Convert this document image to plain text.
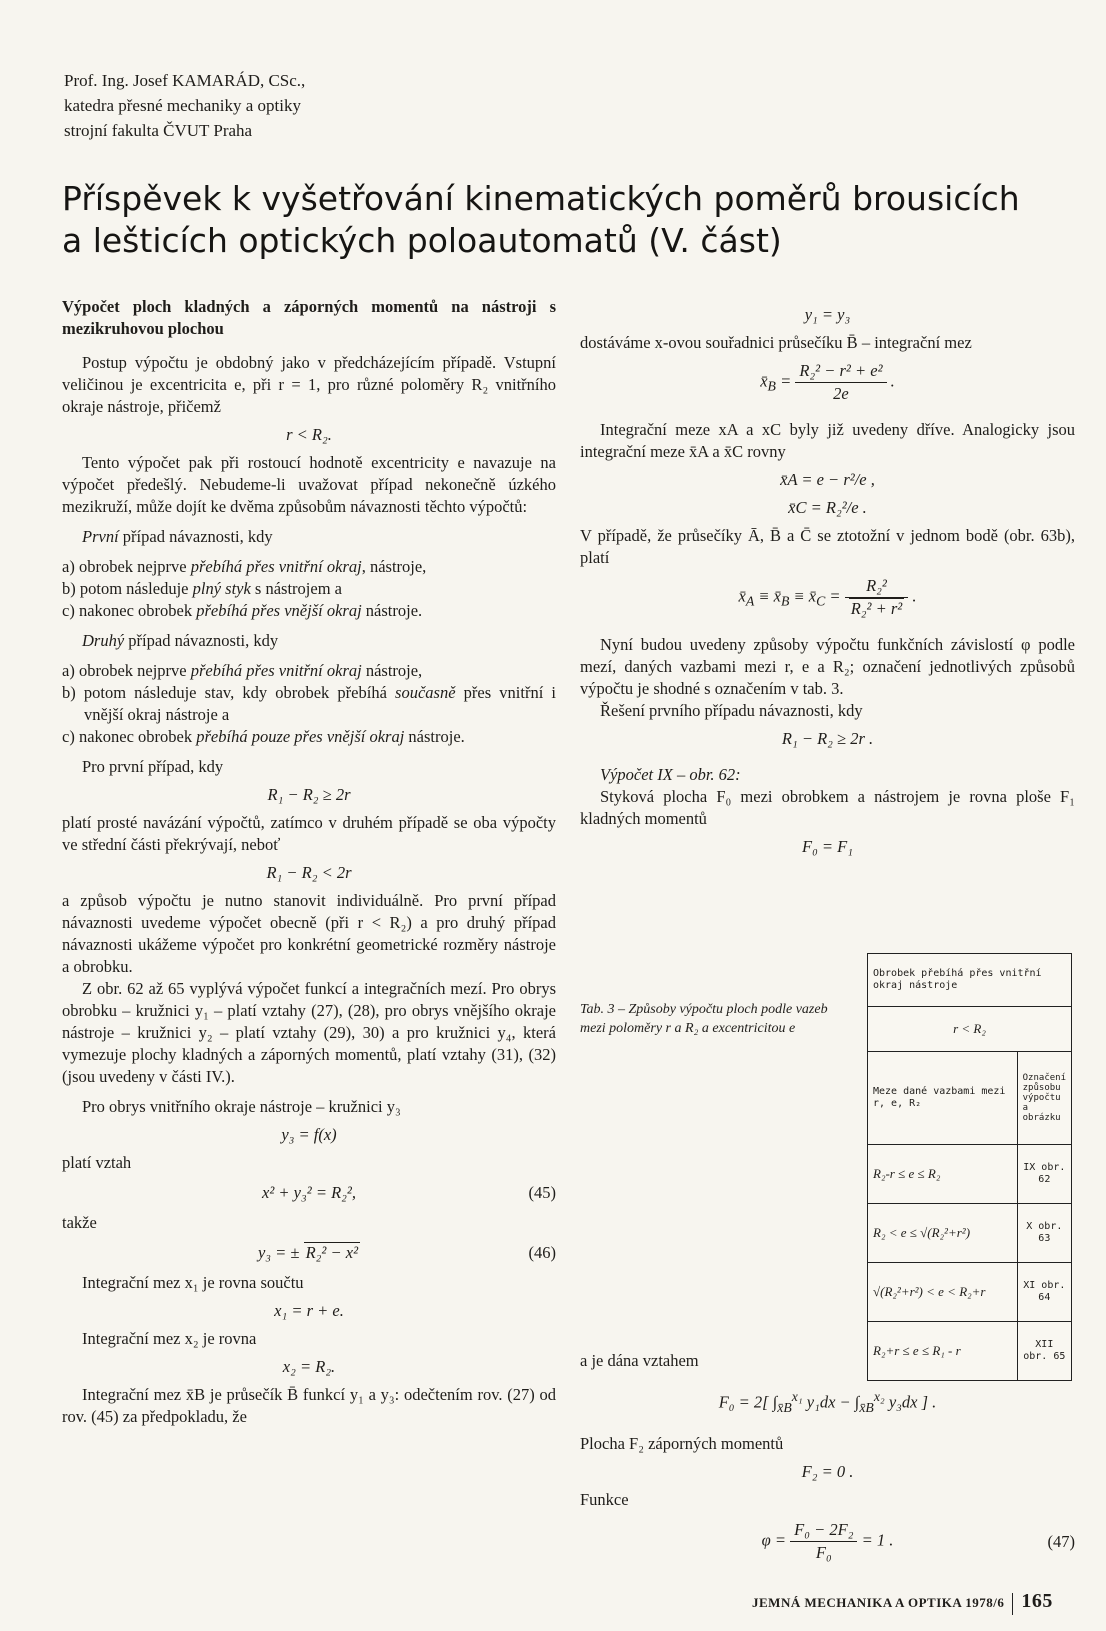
Prof. Ing. Josef KAMARÁD, CSc.,
katedra přesné mechaniky a optiky
strojní fakulta ČVUT Praha
Příspěvek k vyšetřování kinematických poměrů brousicích
a lešticích optických poloautomatů (V. část)

Výpočet ploch kladných a záporných momentů na nástroji s mezikruhovou plochou

Postup výpočtu je obdobný jako v předcházejícím případě. Vstupní veličinou je excentricita e, při r = 1, pro různé poloměry R₂ vnitřního okraje nástroje, přičemž

r < R₂.

Tento výpočet pak při rostoucí hodnotě excentricity e navazuje na výpočet předešlý. Nebudeme-li uvažovat případ nekonečně úzkého mezikruží, může dojít ke dvěma způsobům návaznosti těchto výpočtů:

První případ návaznosti, kdy

a) obrobek nejprve přebíhá přes vnitřní okraj, nástroje,

b) potom následuje plný styk s nástrojem a

c) nakonec obrobek přebíhá přes vnější okraj nástroje.

Druhý případ návaznosti, kdy

a) obrobek nejprve přebíhá přes vnitřní okraj nástroje,

b) potom následuje stav, kdy obrobek přebíhá současně přes vnitřní i vnější okraj nástroje a

c) nakonec obrobek přebíhá pouze přes vnější okraj nástroje.

Pro první případ, kdy

R₁ − R₂ ≥ 2r

platí prosté navázání výpočtů, zatímco v druhém případě se oba výpočty ve střední části překrývají, neboť

R₁ − R₂ < 2r

a způsob výpočtu je nutno stanovit individuálně. Pro první případ návaznosti uvedeme výpočet obecně (při r < R₂) a pro druhý případ návaznosti ukážeme výpočet pro konkrétní geometrické rozměry nástroje a obrobku.

Z obr. 62 až 65 vyplývá výpočet funkcí a integračních mezí. Pro obrys obrobku – kružnici y₁ – platí vztahy (27), (28), pro obrys vnějšího okraje nástroje – kružnici y₂ – platí vztahy (29), 30) a pro kružnici y₄, která vymezuje plochy kladných a záporných momentů, platí vztahy (31), (32) (jsou uvedeny v části IV.).

Pro obrys vnitřního okraje nástroje – kružnici y₃

y₃ = f(x)

platí vztah

x² + y₃² = R₂²,	(45)

takže

y₃ = ± R₂² − x²	(46)

Integrační mez x₁ je rovna součtu

x₁ = r + e.

Integrační mez x₂ je rovna

x₂ = R₂.

Integrační mez x̄B je průsečík B̄ funkcí y₁ a y₃: odečtením rov. (27) od rov. (45) za předpokladu, že

y₁ = y₃

dostáváme x-ovou souřadnici průsečíku B̄ – integrační mez

$x̄_B = \frac{\text{R₂² − r² + e²}}{2e}$ .

Integrační meze xA a xC byly již uvedeny dříve. Analogicky jsou integrační meze x̄A a x̄C rovny

x̄A = e − r²/e ,

x̄C = R₂²/e .

V případě, že průsečíky Ā, B̄ a C̄ se ztotožní v jednom bodě (obr. 63b), platí

$x̄_A$ ≡ $x̄_B$ ≡ $x̄_C = \frac{\text{R₂²}}{\text{R₂² + r²}}$ .

Nyní budou uvedeny způsoby výpočtu funkčních závislostí φ podle mezí, daných vazbami mezi r, e a R₂; označení jednotlivých způsobů výpočtu je shodné s označením v tab. 3.

Řešení prvního případu návaznosti, kdy

R₁ − R₂ ≥ 2r .

Výpočet IX – obr. 62:

Styková plocha F₀ mezi obrobkem a nástrojem je rovna ploše F₁ kladných momentů

F₀ = F₁

Tab. 3 – Způsoby výpočtu ploch podle vazeb mezi poloměry r a R₂ a excentricitou e
Obrobek přebíhá přes vnitřní okraj nástroje	
r < R₂	
Meze dané vazbami mezi r, e, R₂	Označení způsobu výpočtu a obrázku
R₂-r ≤ e ≤ R₂	IX obr. 62
R₂ < e ≤ √(R₂²+r²)	X obr. 63
√(R₂²+r²) < e < R₂+r	XI obr. 64
R₂+r ≤ e ≤ R₁ - r	XII obr. 65

a je dána vztahem

F₀ = 2[ $\int_{x̄B}^{x_1}$ $y_1dx - \int_{x̄B}^{x_2}$ y₃dx ] .

Plocha F₂ záporných momentů

F₂ = 0 .

Funkce

$\varphi = \frac{\text{F₀ − 2F₂}}{\text{F₀}} = 1$ .	(47)

JEMNÁ MECHANIKA A OPTIKA 1978/6 165
